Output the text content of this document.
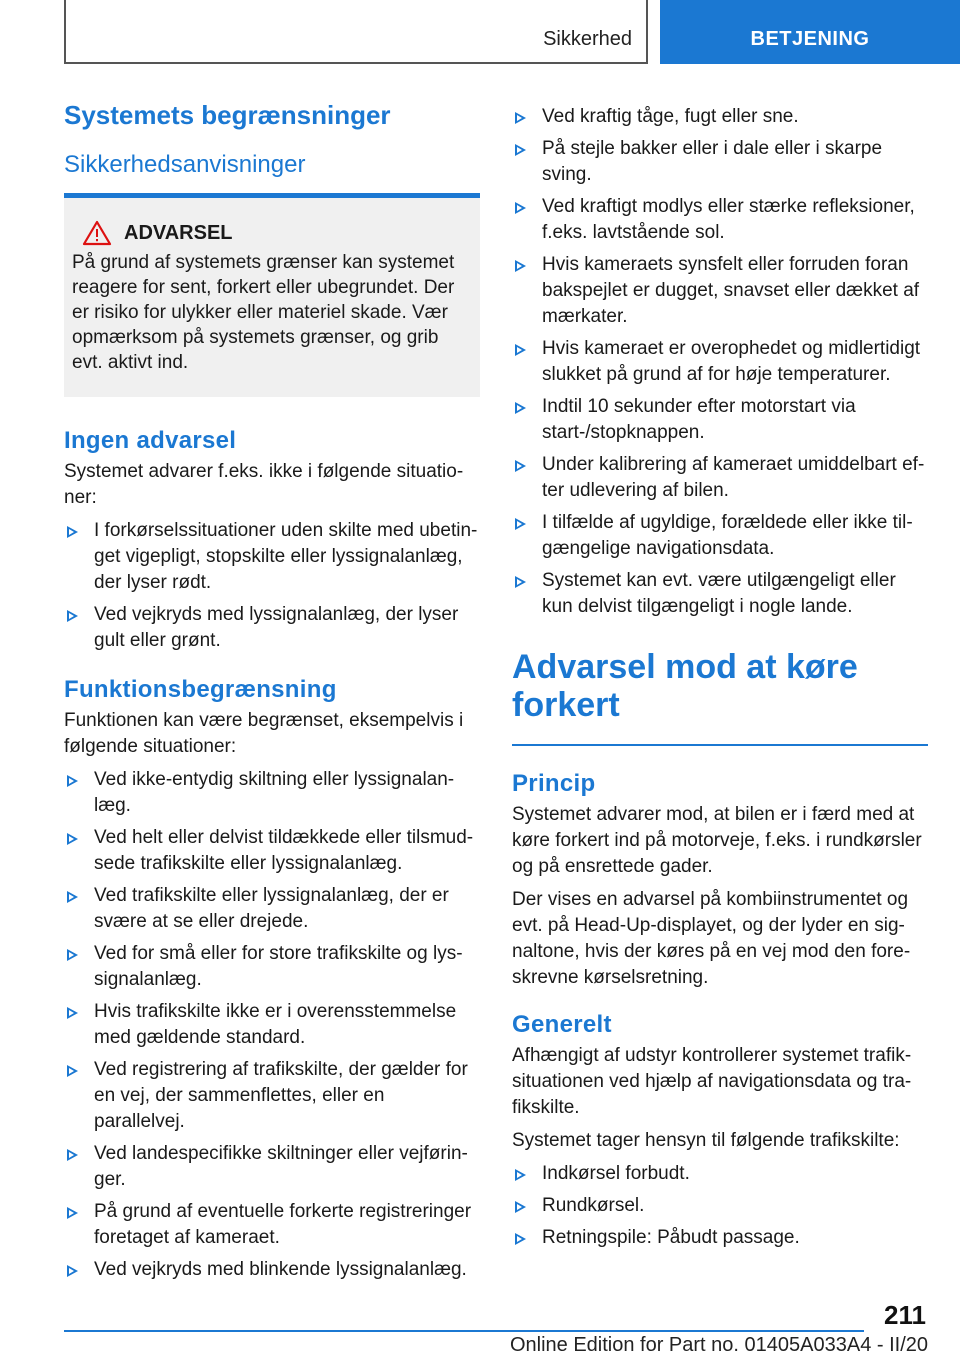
Sikkerhed	BETJENING
Systemets begrænsninger
Sikkerhedsanvisninger
ADVARSEL

På grund af systemets grænser kan systemet reagere for sent, forkert eller ubegrundet. Der er risiko for ulykker eller materiel skade. Vær opmærksom på systemets grænser, og grib evt. aktivt ind.

Ingen advarsel

Systemet advarer f.eks. ikke i følgende situatio-ner:

I forkørselssituationer uden skilte med ubetin-get vigepligt, stopskilte eller lyssignalanlæg, der lyser rødt.
Ved vejkryds med lyssignalanlæg, der lyser gult eller grønt.
Funktionsbegrænsning

Funktionen kan være begrænset, eksempelvis i følgende situationer:

Ved ikke-entydig skiltning eller lyssignalan-læg.
Ved helt eller delvist tildækkede eller tilsmud-sede trafikskilte eller lyssignalanlæg.
Ved trafikskilte eller lyssignalanlæg, der er svære at se eller drejede.
Ved for små eller for store trafikskilte og lys-signalanlæg.
Hvis trafikskilte ikke er i overensstemmelse med gældende standard.
Ved registrering af trafikskilte, der gælder for en vej, der sammenflettes, eller en parallelvej.
Ved landespecifikke skiltninger eller vejførin-ger.
På grund af eventuelle forkerte registreringer foretaget af kameraet.
Ved vejkryds med blinkende lyssignalanlæg.
Ved kraftig tåge, fugt eller sne.
På stejle bakker eller i dale eller i skarpe sving.
Ved kraftigt modlys eller stærke refleksioner, f.eks. lavtstående sol.
Hvis kameraets synsfelt eller forruden foran bakspejlet er dugget, snavset eller dækket af mærkater.
Hvis kameraet er overophedet og midlertidigt slukket på grund af for høje temperaturer.
Indtil 10 sekunder efter motorstart via start-/stopknappen.
Under kalibrering af kameraet umiddelbart ef-ter udlevering af bilen.
I tilfælde af ugyldige, forældede eller ikke til-gængelige navigationsdata.
Systemet kan evt. være utilgængeligt eller kun delvist tilgængeligt i nogle lande.
Advarsel mod at køre forkert
Princip

Systemet advarer mod, at bilen er i færd med at køre forkert ind på motorveje, f.eks. i rundkørsler og på ensrettede gader.

Der vises en advarsel på kombiinstrumentet og evt. på Head-Up-displayet, og der lyder en sig-naltone, hvis der køres på en vej mod den fore-skrevne kørselsretning.

Generelt

Afhængigt af udstyr kontrollerer systemet trafik-situationen ved hjælp af navigationsdata og tra-fikskilte.

Systemet tager hensyn til følgende trafikskilte:

Indkørsel forbudt.
Rundkørsel.
Retningspile: Påbudt passage.
211
Online Edition for Part no. 01405A033A4 - II/20
